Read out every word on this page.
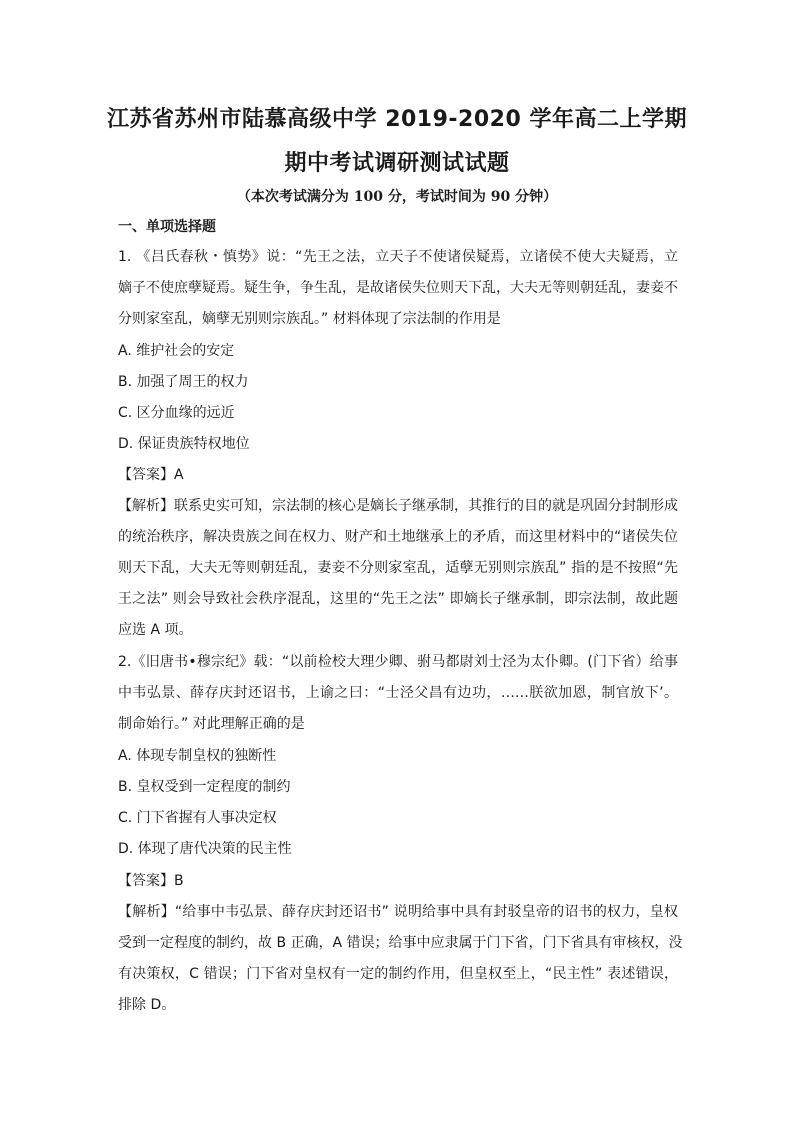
江苏省苏州市陆慕高级中学 2019-2020 学年高二上学期
期中考试调研测试试题
（本次考试满分为 100 分，考试时间为 90 分钟）
一、单项选择题
1. 《吕氏春秋・慎势》说：“先王之法，立天子不使诸侯疑焉，立诸侯不使大夫疑焉，立
嫡子不使庶孽疑焉。疑生争，争生乱，是故诸侯失位则天下乱，大夫无等则朝廷乱，妻妾不
分则家室乱，嫡孽无别则宗族乱。” 材料体现了宗法制的作用是
A. 维护社会的安定
B. 加强了周王的权力
C. 区分血缘的远近
D. 保证贵族特权地位
【答案】A
【解析】联系史实可知，宗法制的核心是嫡长子继承制，其推行的目的就是巩固分封制形成
的统治秩序，解决贵族之间在权力、财产和土地继承上的矛盾，而这里材料中的“诸侯失位
则天下乱，大夫无等则朝廷乱，妻妾不分则家室乱，适孽无别则宗族乱” 指的是不按照“先
王之法” 则会导致社会秩序混乱，这里的“先王之法” 即嫡长子继承制，即宗法制，故此题
应选 A 项。
2.《旧唐书•穆宗纪》载：“以前检校大理少卿、驸马都尉刘士泾为太仆卿。(门下省）给事
中韦弘景、薛存庆封还诏书，上谕之曰：“士泾父昌有边功，……朕欲加恩，制官放下’。
制命始行。” 对此理解正确的是
A. 体现专制皇权的独断性
B. 皇权受到一定程度的制约
C. 门下省握有人事决定权
D. 体现了唐代决策的民主性
【答案】B
【解析】“给事中韦弘景、薛存庆封还诏书” 说明给事中具有封驳皇帝的诏书的权力，皇权
受到一定程度的制约，故 B 正确，A 错误；给事中应隶属于门下省，门下省具有审核权，没
有决策权，C 错误；门下省对皇权有一定的制约作用，但皇权至上，“民主性” 表述错误，
排除 D。
